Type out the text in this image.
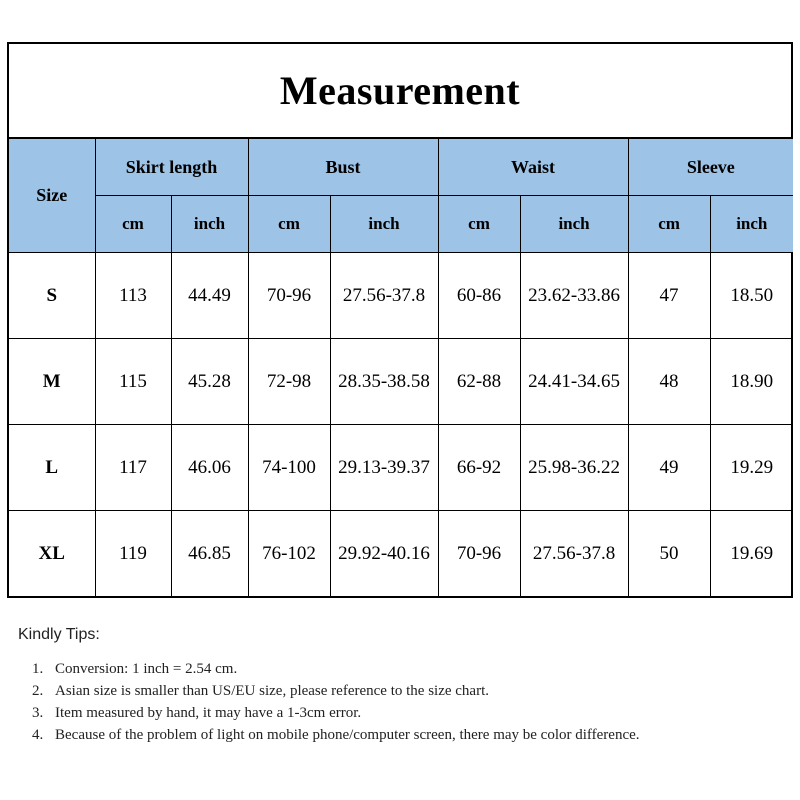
Measurement
Size	Skirt length		Bust		Waist		Sleeve	
	cm	inch	cm	inch	cm	inch	cm	inch
S	113	44.49	70-96	27.56-37.8	60-86	23.62-33.86	47	18.50
M	115	45.28	72-98	28.35-38.58	62-88	24.41-34.65	48	18.90
L	117	46.06	74-100	29.13-39.37	66-92	25.98-36.22	49	19.29
XL	119	46.85	76-102	29.92-40.16	70-96	27.56-37.8	50	19.69

Kindly Tips:

1. Conversion: 1 inch = 2.54 cm.
2. Asian size is smaller than US/EU size, please reference to the size chart.
3. Item measured by hand, it may have a 1-3cm error.
4. Because of the problem of light on mobile phone/computer screen, there may be color difference.
